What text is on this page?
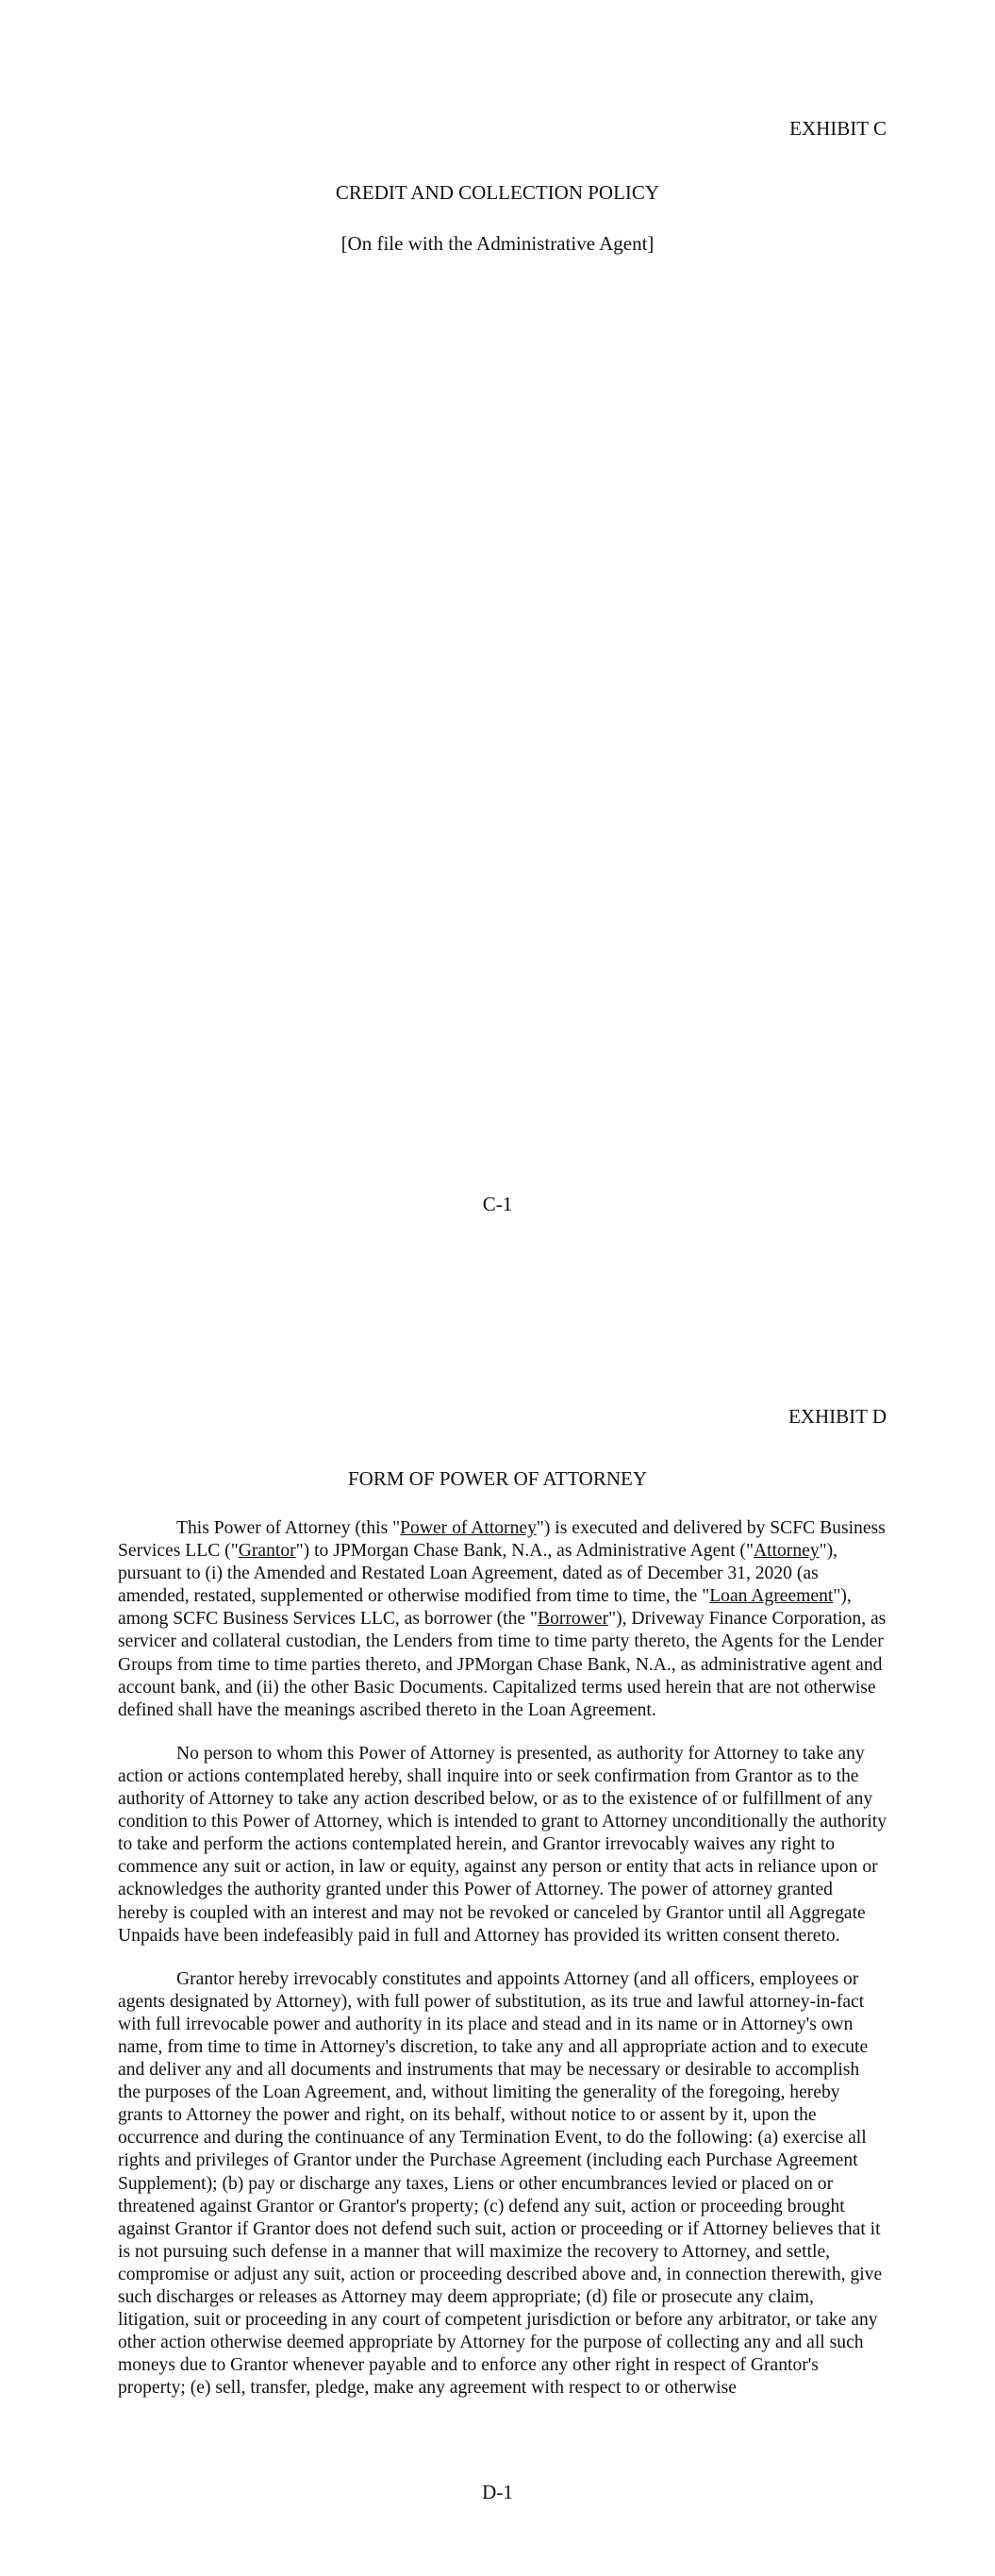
EXHIBIT C
CREDIT AND COLLECTION POLICY
[On file with the Administrative Agent]
C-1
EXHIBIT D
FORM OF POWER OF ATTORNEY

This Power of Attorney (this "Power of Attorney") is executed and delivered by SCFC Business Services LLC ("Grantor") to JPMorgan Chase Bank, N.A., as Administrative Agent ("Attorney"), pursuant to (i) the Amended and Restated Loan Agreement, dated as of December 31, 2020 (as amended, restated, supplemented or otherwise modified from time to time, the "Loan Agreement"), among SCFC Business Services LLC, as borrower (the "Borrower"), Driveway Finance Corporation, as servicer and collateral custodian, the Lenders from time to time party thereto, the Agents for the Lender Groups from time to time parties thereto, and JPMorgan Chase Bank, N.A., as administrative agent and account bank, and (ii) the other Basic Documents. Capitalized terms used herein that are not otherwise defined shall have the meanings ascribed thereto in the Loan Agreement.

No person to whom this Power of Attorney is presented, as authority for Attorney to take any action or actions contemplated hereby, shall inquire into or seek confirmation from Grantor as to the authority of Attorney to take any action described below, or as to the existence of or fulfillment of any condition to this Power of Attorney, which is intended to grant to Attorney unconditionally the authority to take and perform the actions contemplated herein, and Grantor irrevocably waives any right to commence any suit or action, in law or equity, against any person or entity that acts in reliance upon or acknowledges the authority granted under this Power of Attorney. The power of attorney granted hereby is coupled with an interest and may not be revoked or canceled by Grantor until all Aggregate Unpaids have been indefeasibly paid in full and Attorney has provided its written consent thereto.

Grantor hereby irrevocably constitutes and appoints Attorney (and all officers, employees or agents designated by Attorney), with full power of substitution, as its true and lawful attorney-in-fact with full irrevocable power and authority in its place and stead and in its name or in Attorney's own name, from time to time in Attorney's discretion, to take any and all appropriate action and to execute and deliver any and all documents and instruments that may be necessary or desirable to accomplish the purposes of the Loan Agreement, and, without limiting the generality of the foregoing, hereby grants to Attorney the power and right, on its behalf, without notice to or assent by it, upon the occurrence and during the continuance of any Termination Event, to do the following: (a) exercise all rights and privileges of Grantor under the Purchase Agreement (including each Purchase Agreement Supplement); (b) pay or discharge any taxes, Liens or other encumbrances levied or placed on or threatened against Grantor or Grantor's property; (c) defend any suit, action or proceeding brought against Grantor if Grantor does not defend such suit, action or proceeding or if Attorney believes that it is not pursuing such defense in a manner that will maximize the recovery to Attorney, and settle, compromise or adjust any suit, action or proceeding described above and, in connection therewith, give such discharges or releases as Attorney may deem appropriate; (d) file or prosecute any claim, litigation, suit or proceeding in any court of competent jurisdiction or before any arbitrator, or take any other action otherwise deemed appropriate by Attorney for the purpose of collecting any and all such moneys due to Grantor whenever payable and to enforce any other right in respect of Grantor's property; (e) sell, transfer, pledge, make any agreement with respect to or otherwise

D-1
